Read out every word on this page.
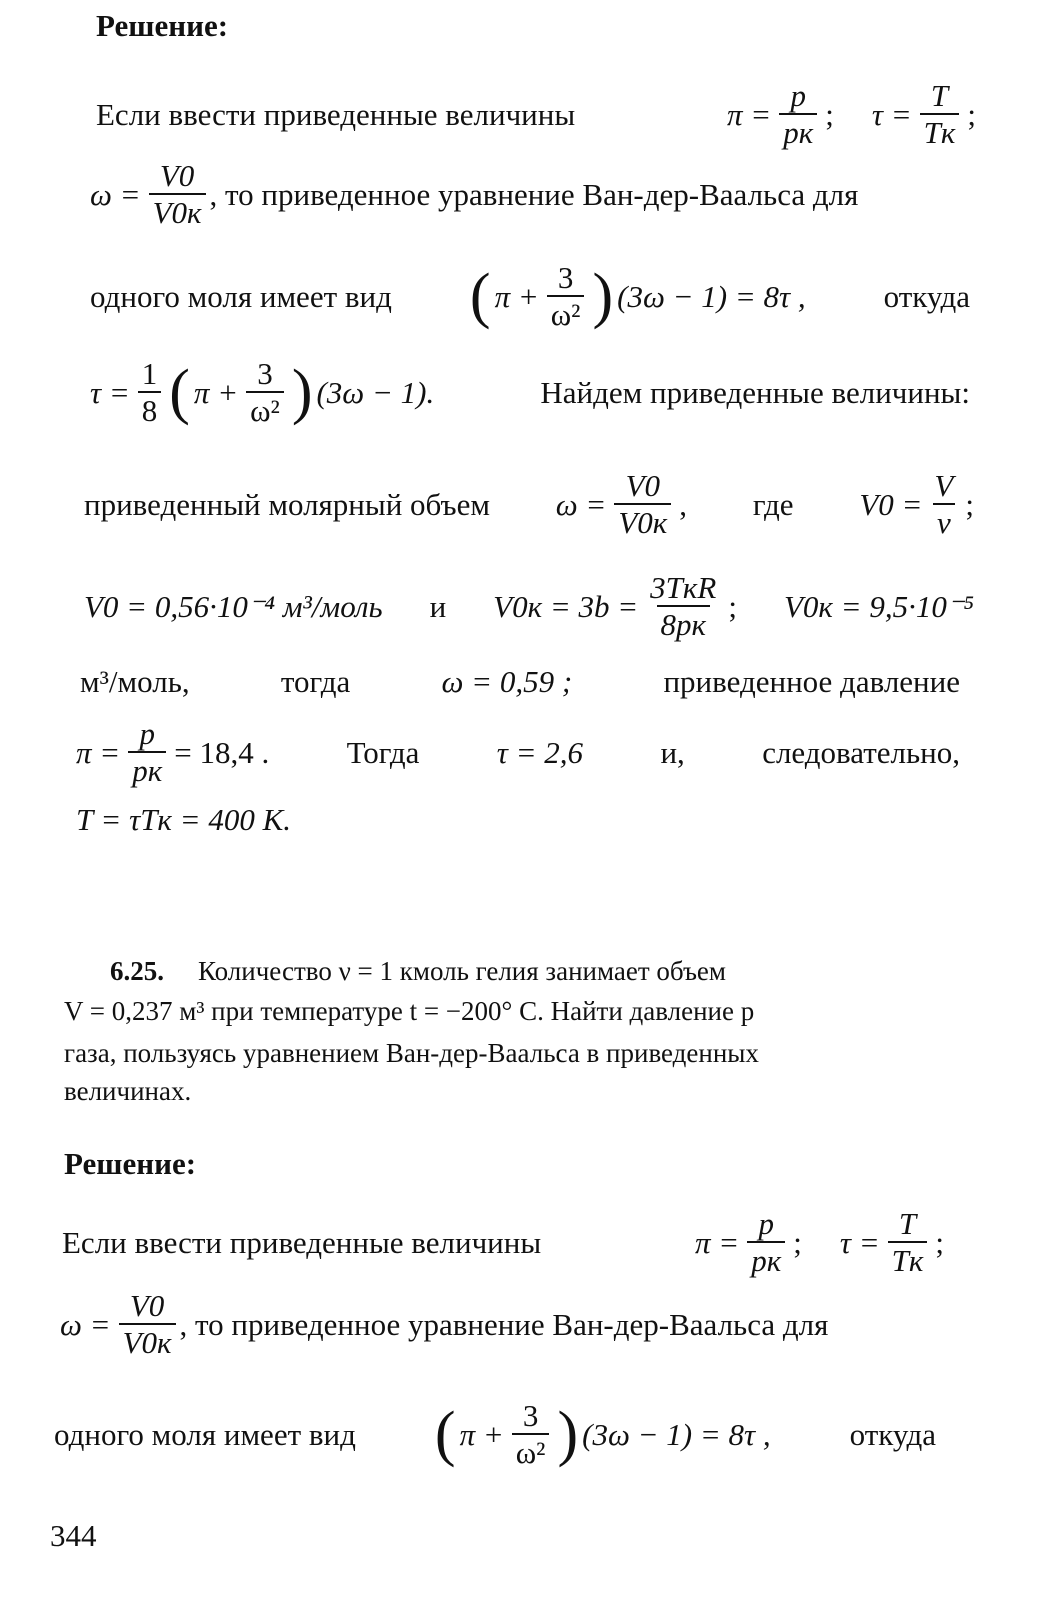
Решение:
Если ввести приведенные величины	$\pi = \frac{p}{pк}$ ; $\tau = \frac{T}{Tк}$ ;
$\omega = \frac{V0}{V0к}$ , то приведенное уравнение Ван-дер-Ваальса для
одного моля имеет вид ( $\pi + \frac{3}{\text{ω²}}$ ) (3ω − 1) = 8τ ,	откуда
$\tau = \frac{1}{8}$ ( $\pi + \frac{3}{\text{ω²}}$ ) (3ω − 1).	Найдем приведенные величины:
приведенный молярный объем $\omega = \frac{V0}{V0к}$ , где $V0 = \frac{V}{\nu}$ ;
V0 = 0,56·10⁻⁴ м³/моль и $V0к = 3b = \frac{\text{3TкR}}{8pк}$ ; V0к = 9,5·10⁻⁵
м³/моль,	тогда	ω = 0,59 ;	приведенное давление
$\pi = \frac{p}{pк} = 18,4$ . Тогда τ = 2,6 и, следовательно,
T = τTк = 400 K.
6.25. Количество ν = 1 кмоль гелия занимает объем
V = 0,237 м³ при температуре t = −200° C. Найти давление p
газа, пользуясь уравнением Ван-дер-Ваальса в приведенных
величинах.
Решение:
Если ввести приведенные величины	$\pi = \frac{p}{pк}$ ; $\tau = \frac{T}{Tк}$ ;
$\omega = \frac{V0}{V0к}$ , то приведенное уравнение Ван-дер-Ваальса для
одного моля имеет вид ( $\pi + \frac{3}{\text{ω²}}$ ) (3ω − 1) = 8τ ,	откуда
344
